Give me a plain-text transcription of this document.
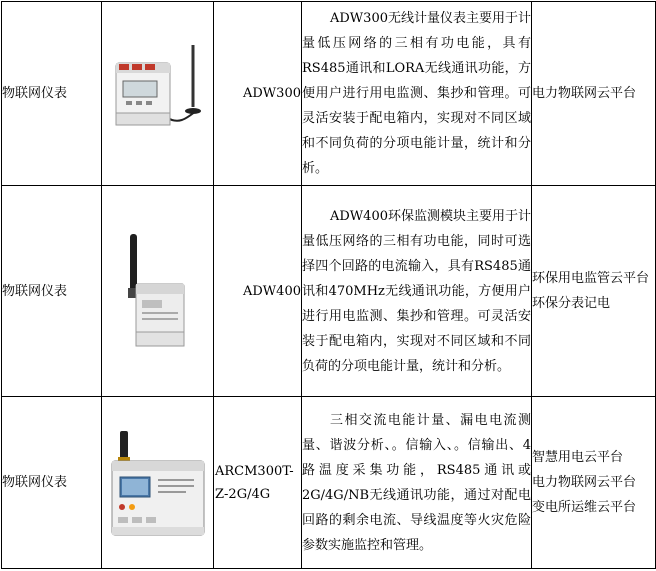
物联网仪表		ADW300	ADW300无线计量仪表主要用于计量低压网络的三相有功电能，具有RS485通讯和LORA无线通讯功能，方便用户进行用电监测、集抄和管理。可灵活安装于配电箱内，实现对不同区域和不同负荷的分项电能计量，统计和分析。	电力物联网云平台

物联网仪表		ADW400	ADW400环保监测模块主要用于计量低压网络的三相有功电能，同时可选择四个回路的电流输入，具有RS485通讯和470MHz无线通讯功能，方便用户进行用电监测、集抄和管理。可灵活安装于配电箱内，实现对不同区域和不同负荷的分项电能计量，统计和分析。	环保用电监管云平台
环保分表记电

物联网仪表		ARCM300T-Z-2G/4G	三相交流电能计量、漏电电流测量、谐波分析、。信输入、。信输出、4路温度采集功能，RS485通讯或2G/4G/NB无线通讯功能，通过对配电回路的剩余电流、导线温度等火灾危险参数实施监控和管理。	智慧用电云平台
电力物联网云平台
变电所运维云平台
